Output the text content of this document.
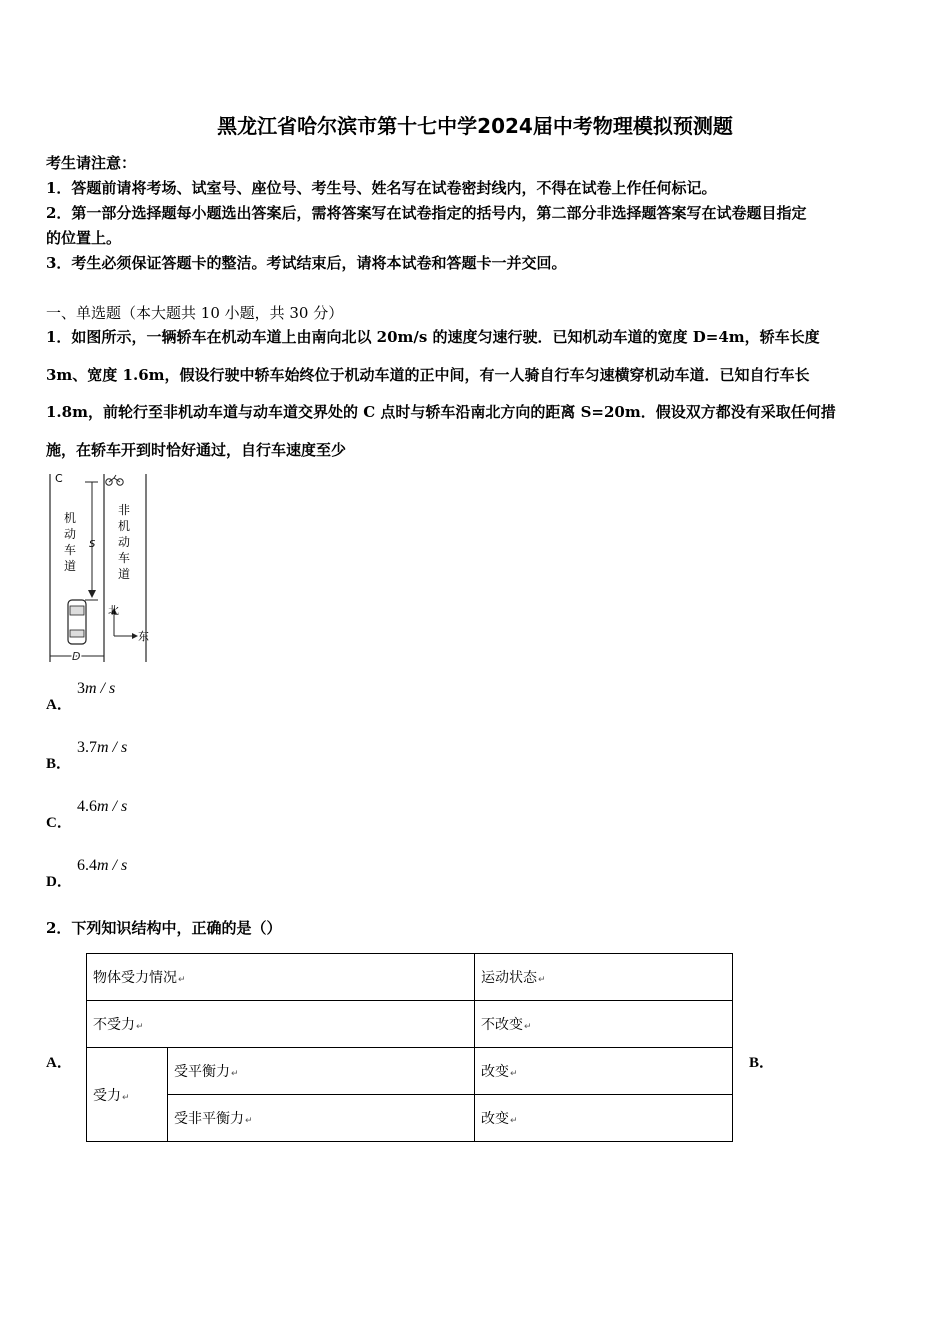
黑龙江省哈尔滨市第十七中学2024届中考物理模拟预测题
考生请注意：
1．答题前请将考场、试室号、座位号、考生号、姓名写在试卷密封线内，不得在试卷上作任何标记。
2．第一部分选择题每小题选出答案后，需将答案写在试卷指定的括号内，第二部分非选择题答案写在试卷题目指定
的位置上。
3．考生必须保证答题卡的整洁。考试结束后，请将本试卷和答题卡一并交回。
一、单选题（本大题共 10 小题，共 30 分）
1．如图所示，一辆轿车在机动车道上由南向北以 20m/s 的速度匀速行驶．已知机动车道的宽度 D=4m，轿车长度
3m、宽度 1.6m，假设行驶中轿车始终位于机动车道的正中间，有一人骑自行车匀速横穿机动车道．已知自行车长
1.8m，前轮行至非机动车道与动车道交界处的 C 点时与轿车沿南北方向的距离 S=20m．假设双方都没有采取任何措
施，在轿车开到时恰好通过，自行车速度至少
C
S
D
北
东
机
动
车
道
非
机
动
车
道
A．
3m / s
B．
3.7m / s
C．
4.6m / s
D．
6.4m / s
2．下列知识结构中，正确的是（）
A．	B．
物体受力情况↵		运动状态↵
不受力↵		不改变↵
受力↵	受平衡力↵	改变↵
	受非平衡力↵	改变↵
